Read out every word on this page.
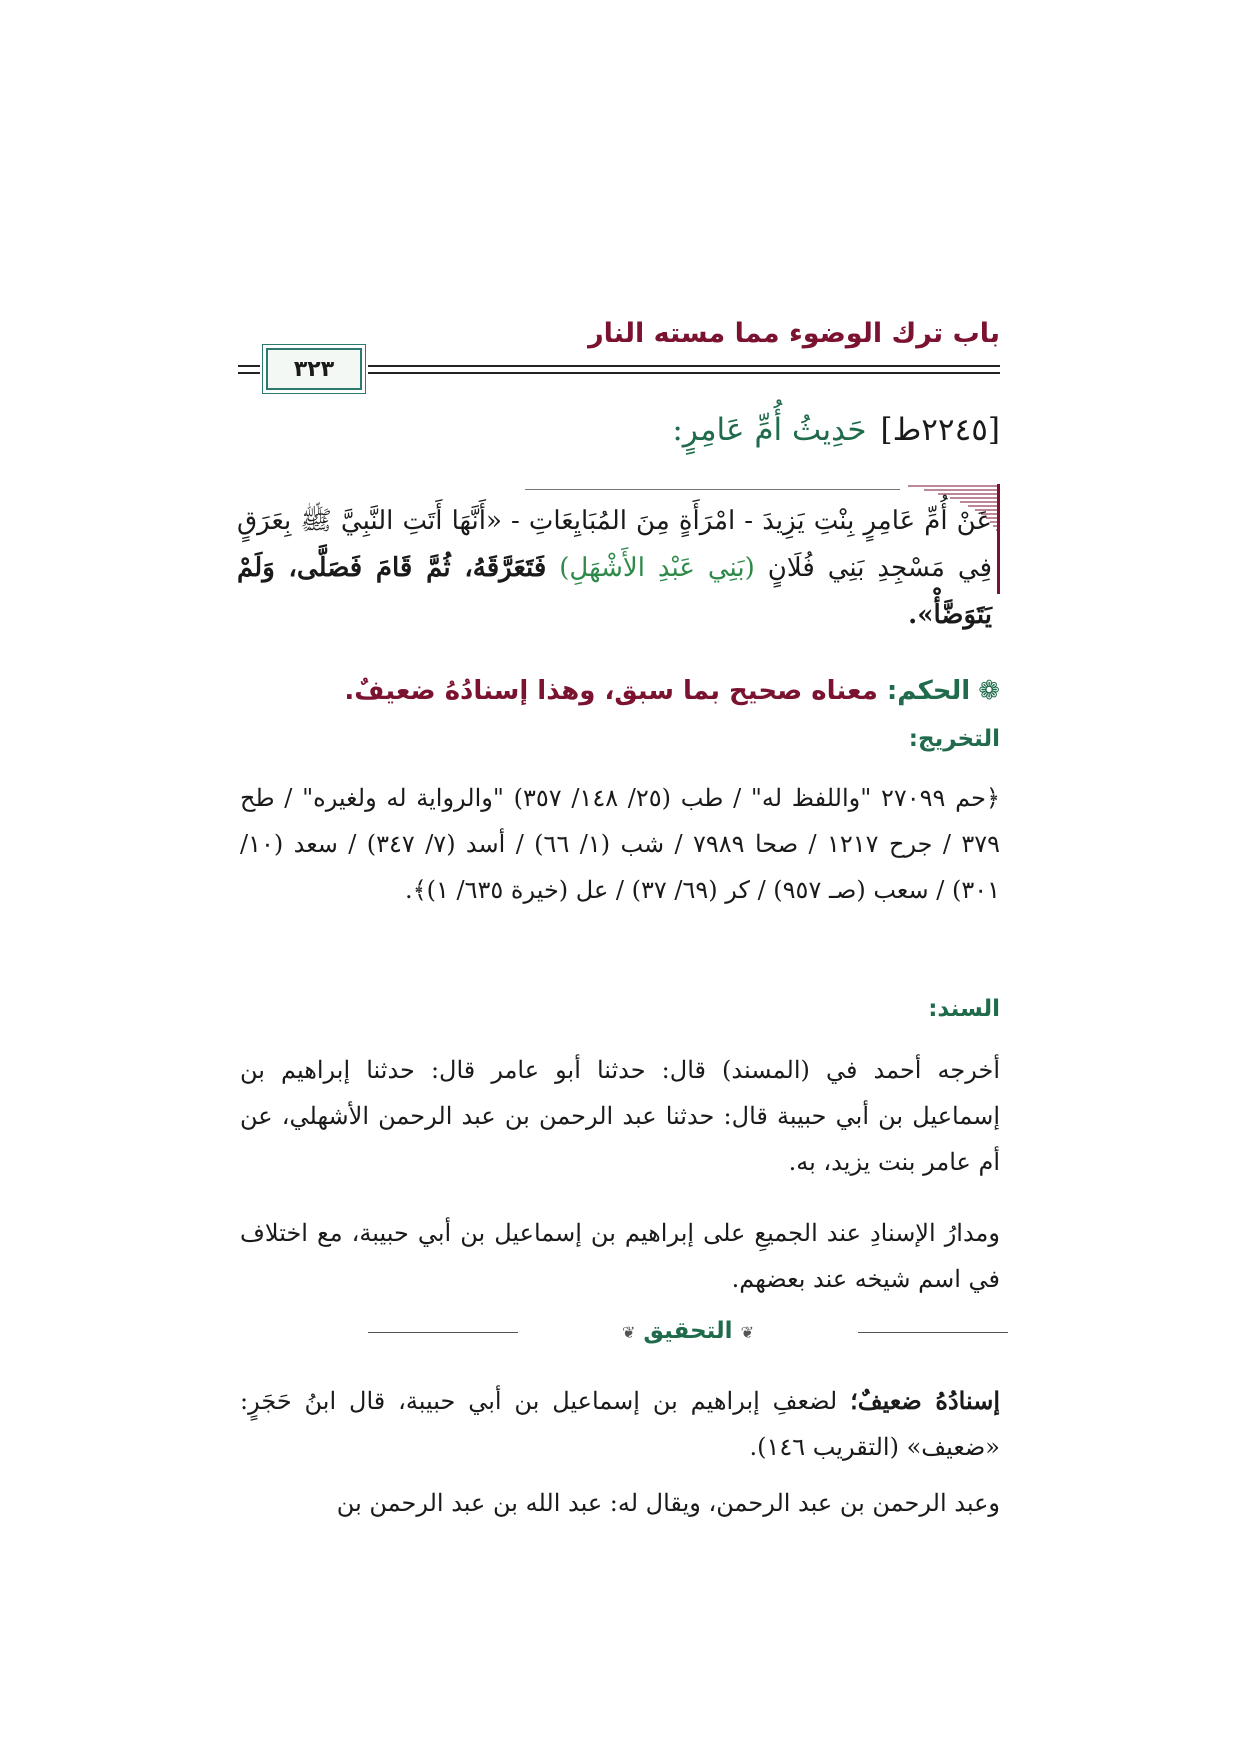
باب ترك الوضوء مما مسته النار
٣٢٣
[٢٢٤٥ط]حَدِيثُ أُمِّ عَامِرٍ:
عَنْ أُمِّ عَامِرٍ بِنْتِ يَزِيدَ - امْرَأَةٍ مِنَ المُبَايِعَاتِ - «أَنَّهَا أَتَتِ النَّبِيَّ ﷺ بِعَرَقٍ فِي مَسْجِدِ بَنِي فُلَانٍ (بَنِي عَبْدِ الأَشْهَلِ) فَتَعَرَّقَهُ، ثُمَّ قَامَ فَصَلَّى، وَلَمْ يَتَوَضَّأْ».
❁الحكم: معناه صحيح بما سبق، وهذا إسنادُهُ ضعيفٌ.
التخريج:
﴿حم ٢٧٠٩٩ "واللفظ له" / طب (٢٥/ ١٤٨/ ٣٥٧) "والرواية له ولغيره" / طح ٣٧٩ / جرح ١٢١٧ / صحا ٧٩٨٩ / شب (١/ ٦٦) / أسد (٧/ ٣٤٧) / سعد (١٠/ ٣٠١) / سعب (صـ ٩٥٧) / كر (٦٩/ ٣٧) / عل (خيرة ٦٣٥/ ١)﴾.
السند:
أخرجه أحمد في (المسند) قال: حدثنا أبو عامر قال: حدثنا إبراهيم بن إسماعيل بن أبي حبيبة قال: حدثنا عبد الرحمن بن عبد الرحمن الأشهلي، عن أم عامر بنت يزيد، به.
ومدارُ الإسنادِ عند الجميعِ على إبراهيم بن إسماعيل بن أبي حبيبة، مع اختلاف في اسم شيخه عند بعضهم.
❦ التحقيق ❦
إسنادُهُ ضعيفٌ؛ لضعفِ إبراهيم بن إسماعيل بن أبي حبيبة، قال ابنُ حَجَرٍ: «ضعيف» (التقريب ١٤٦).
وعبد الرحمن بن عبد الرحمن، ويقال له: عبد الله بن عبد الرحمن بن
